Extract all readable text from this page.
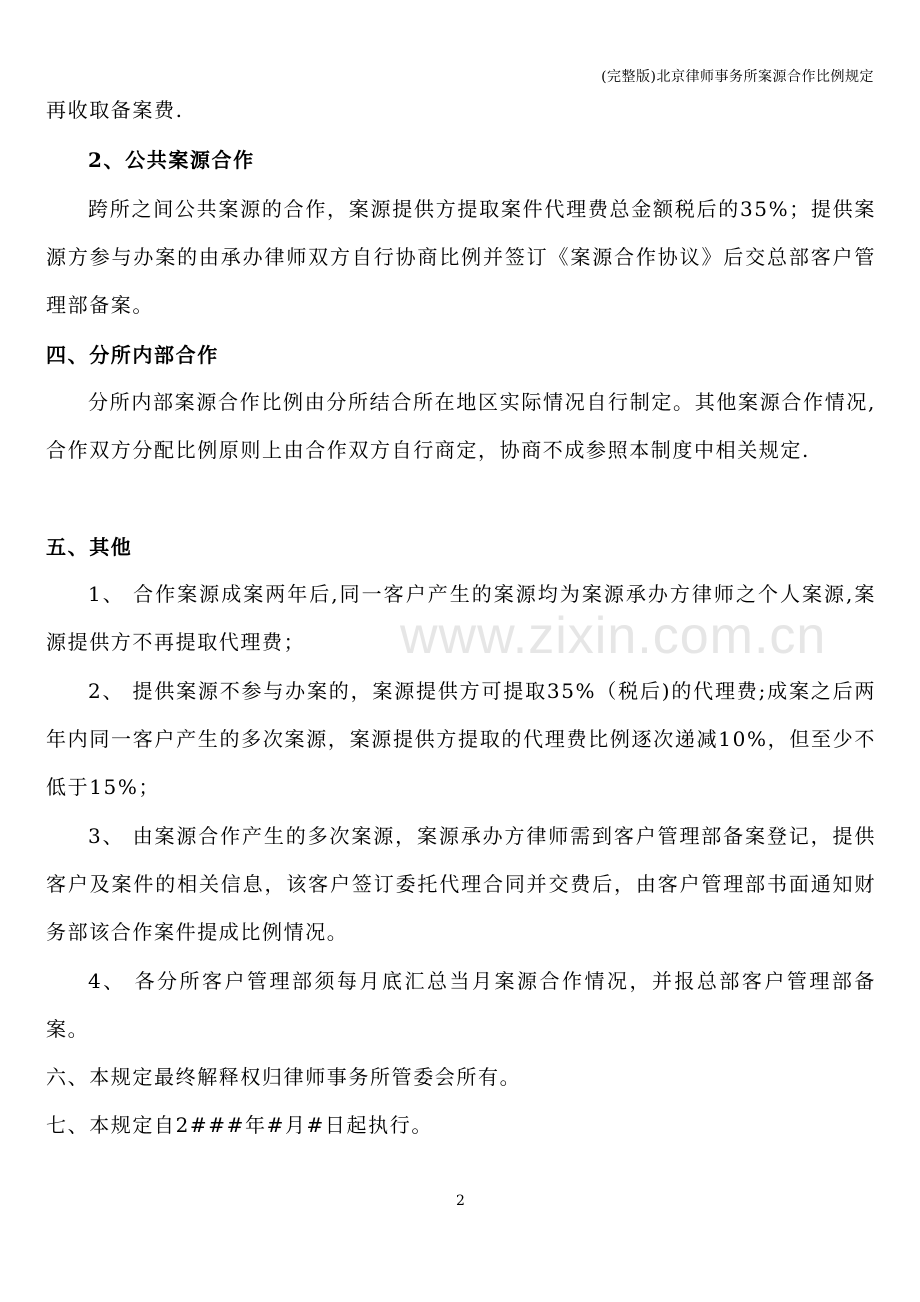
(完整版)北京律师事务所案源合作比例规定
www.zixin.com.cn
再收取备案费.
2、公共案源合作
跨所之间公共案源的合作，案源提供方提取案件代理费总金额税后的35%；提供案源方参与办案的由承办律师双方自行协商比例并签订《案源合作协议》后交总部客户管理部备案。
四、分所内部合作
分所内部案源合作比例由分所结合所在地区实际情况自行制定。其他案源合作情况,合作双方分配比例原则上由合作双方自行商定，协商不成参照本制度中相关规定.
五、其他
1、 合作案源成案两年后,同一客户产生的案源均为案源承办方律师之个人案源,案源提供方不再提取代理费；
2、 提供案源不参与办案的，案源提供方可提取35%（税后)的代理费;成案之后两年内同一客户产生的多次案源，案源提供方提取的代理费比例逐次递减10%，但至少不低于15%；
3、 由案源合作产生的多次案源，案源承办方律师需到客户管理部备案登记，提供客户及案件的相关信息，该客户签订委托代理合同并交费后，由客户管理部书面通知财务部该合作案件提成比例情况。
4、 各分所客户管理部须每月底汇总当月案源合作情况，并报总部客户管理部备案。
六、本规定最终解释权归律师事务所管委会所有。
七、本规定自2###年#月#日起执行。
2
